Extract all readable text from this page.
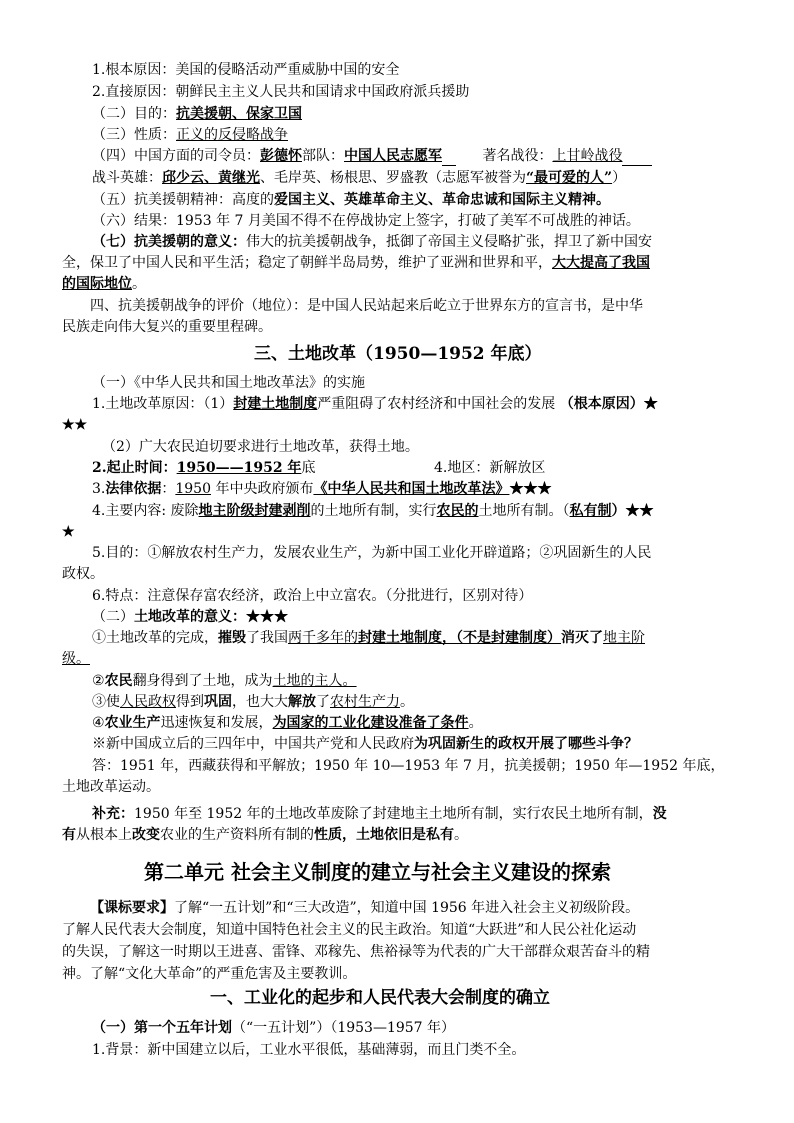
1.根本原因：美国的侵略活动严重威胁中国的安全
2.直接原因：朝鲜民主主义人民共和国请求中国政府派兵援助
（二）目的：抗美援朝、保家卫国
（三）性质：正义的反侵略战争
（四）中国方面的司令员：彭德怀部队：中国人民志愿军	著名战役：上甘岭战役
战斗英雄：邱少云、黄继光、毛岸英、杨根思、罗盛教（志愿军被誉为“最可爱的人”）
（五）抗美援朝精神：高度的爱国主义、英雄革命主义、革命忠诚和国际主义精神。
（六）结果：1953 年 7 月美国不得不在停战协定上签字，打破了美军不可战胜的神话。
（七）抗美援朝的意义：伟大的抗美援朝战争，抵御了帝国主义侵略扩张，捍卫了新中国安
全，保卫了中国人民和平生活；稳定了朝鲜半岛局势，维护了亚洲和世界和平，大大提高了我国
的国际地位。
四、抗美援朝战争的评价（地位）：是中国人民站起来后屹立于世界东方的宣言书，是中华
民族走向伟大复兴的重要里程碑。
三、土地改革（1950—1952 年底）
（一）《中华人民共和国土地改革法》的实施
1.土地改革原因：（1）封建土地制度严重阻碍了农村经济和中国社会的发展 （根本原因）★
★★
（2）广大农民迫切要求进行土地改革，获得土地。
2.起止时间：1950——1952 年底	4.地区：新解放区
3.法律依据：1950 年中央政府颁布《中华人民共和国土地改革法》★★★
4.主要内容: 废除地主阶级封建剥削的土地所有制，实行农民的土地所有制。（私有制）★★
★
5.目的：①解放农村生产力，发展农业生产，为新中国工业化开辟道路；②巩固新生的人民
政权。
6.特点：注意保存富农经济，政治上中立富农。（分批进行，区别对待）
（二）土地改革的意义：★★★
①土地改革的完成，摧毁了我国两千多年的封建土地制度，（不是封建制度）消灭了地主阶
级。
②农民翻身得到了土地，成为土地的主人。
③使人民政权得到巩固，也大大解放了农村生产力。
④农业生产迅速恢复和发展，为国家的工业化建设准备了条件。
※新中国成立后的三四年中，中国共产党和人民政府为巩固新生的政权开展了哪些斗争？
答：1951 年，西藏获得和平解放；1950 年 10—1953 年 7 月，抗美援朝；1950 年—1952 年底，
土地改革运动。
补充：1950 年至 1952 年的土地改革废除了封建地主土地所有制，实行农民土地所有制，没
有从根本上改变农业的生产资料所有制的性质，土地依旧是私有。
第二单元 社会主义制度的建立与社会主义建设的探索
【课标要求】了解“一五计划”和“三大改造”，知道中国 1956 年进入社会主义初级阶段。
了解人民代表大会制度，知道中国特色社会主义的民主政治。知道“大跃进”和人民公社化运动
的失误，了解这一时期以王进喜、雷锋、邓稼先、焦裕禄等为代表的广大干部群众艰苦奋斗的精
神。了解“文化大革命”的严重危害及主要教训。
一、工业化的起步和人民代表大会制度的确立
（一）第一个五年计划（“一五计划”）（1953—1957 年）
1.背景：新中国建立以后，工业水平很低，基础薄弱，而且门类不全。
